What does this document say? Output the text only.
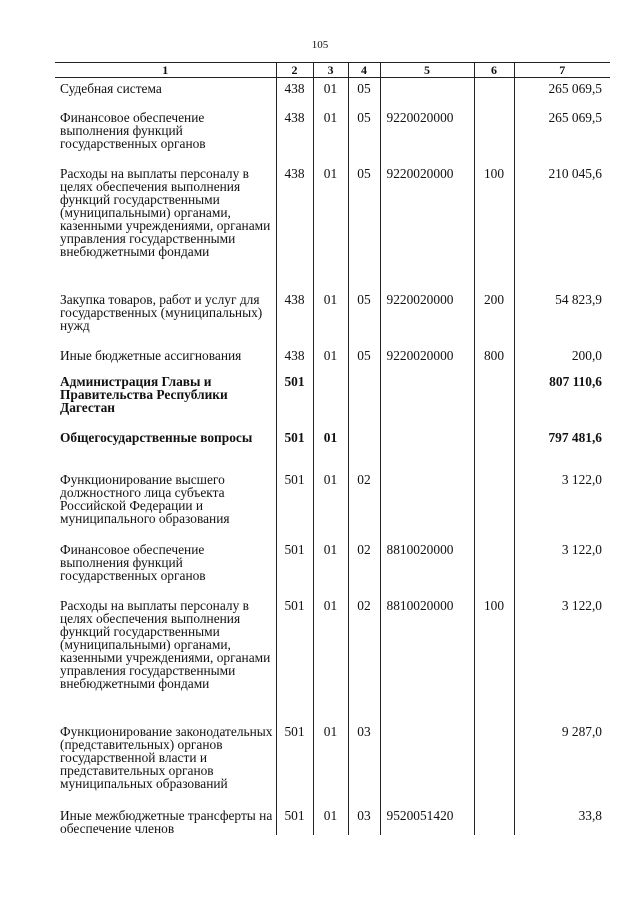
105
1	2	3	4	5	6	7
Судебная система	438	01	05			265 069,5
Финансовое обеспечение выполнения функций государственных органов	438	01	05	9220020000		265 069,5
Расходы на выплаты персоналу в целях обеспечения выполнения функций государственными (муниципальными) органами, казенными учреждениями, органами управления государственными внебюджетными фондами	438	01	05	9220020000	100	210 045,6
Закупка товаров, работ и услуг для государственных (муниципальных) нужд	438	01	05	9220020000	200	54 823,9
Иные бюджетные ассигнования	438	01	05	9220020000	800	200,0
Администрация Главы и Правительства Республики Дагестан	501					807 110,6
Общегосударственные вопросы	501	01				797 481,6
Функционирование высшего должностного лица субъекта Российской Федерации и муниципального образования	501	01	02			3 122,0
Финансовое обеспечение выполнения функций государственных органов	501	01	02	8810020000		3 122,0
Расходы на выплаты персоналу в целях обеспечения выполнения функций государственными (муниципальными) органами, казенными учреждениями, органами управления государственными внебюджетными фондами	501	01	02	8810020000	100	3 122,0
Функционирование законодательных (представительных) органов государственной власти и представительных органов муниципальных образований	501	01	03			9 287,0
Иные межбюджетные трансферты на обеспечение членов	501	01	03	9520051420		33,8
